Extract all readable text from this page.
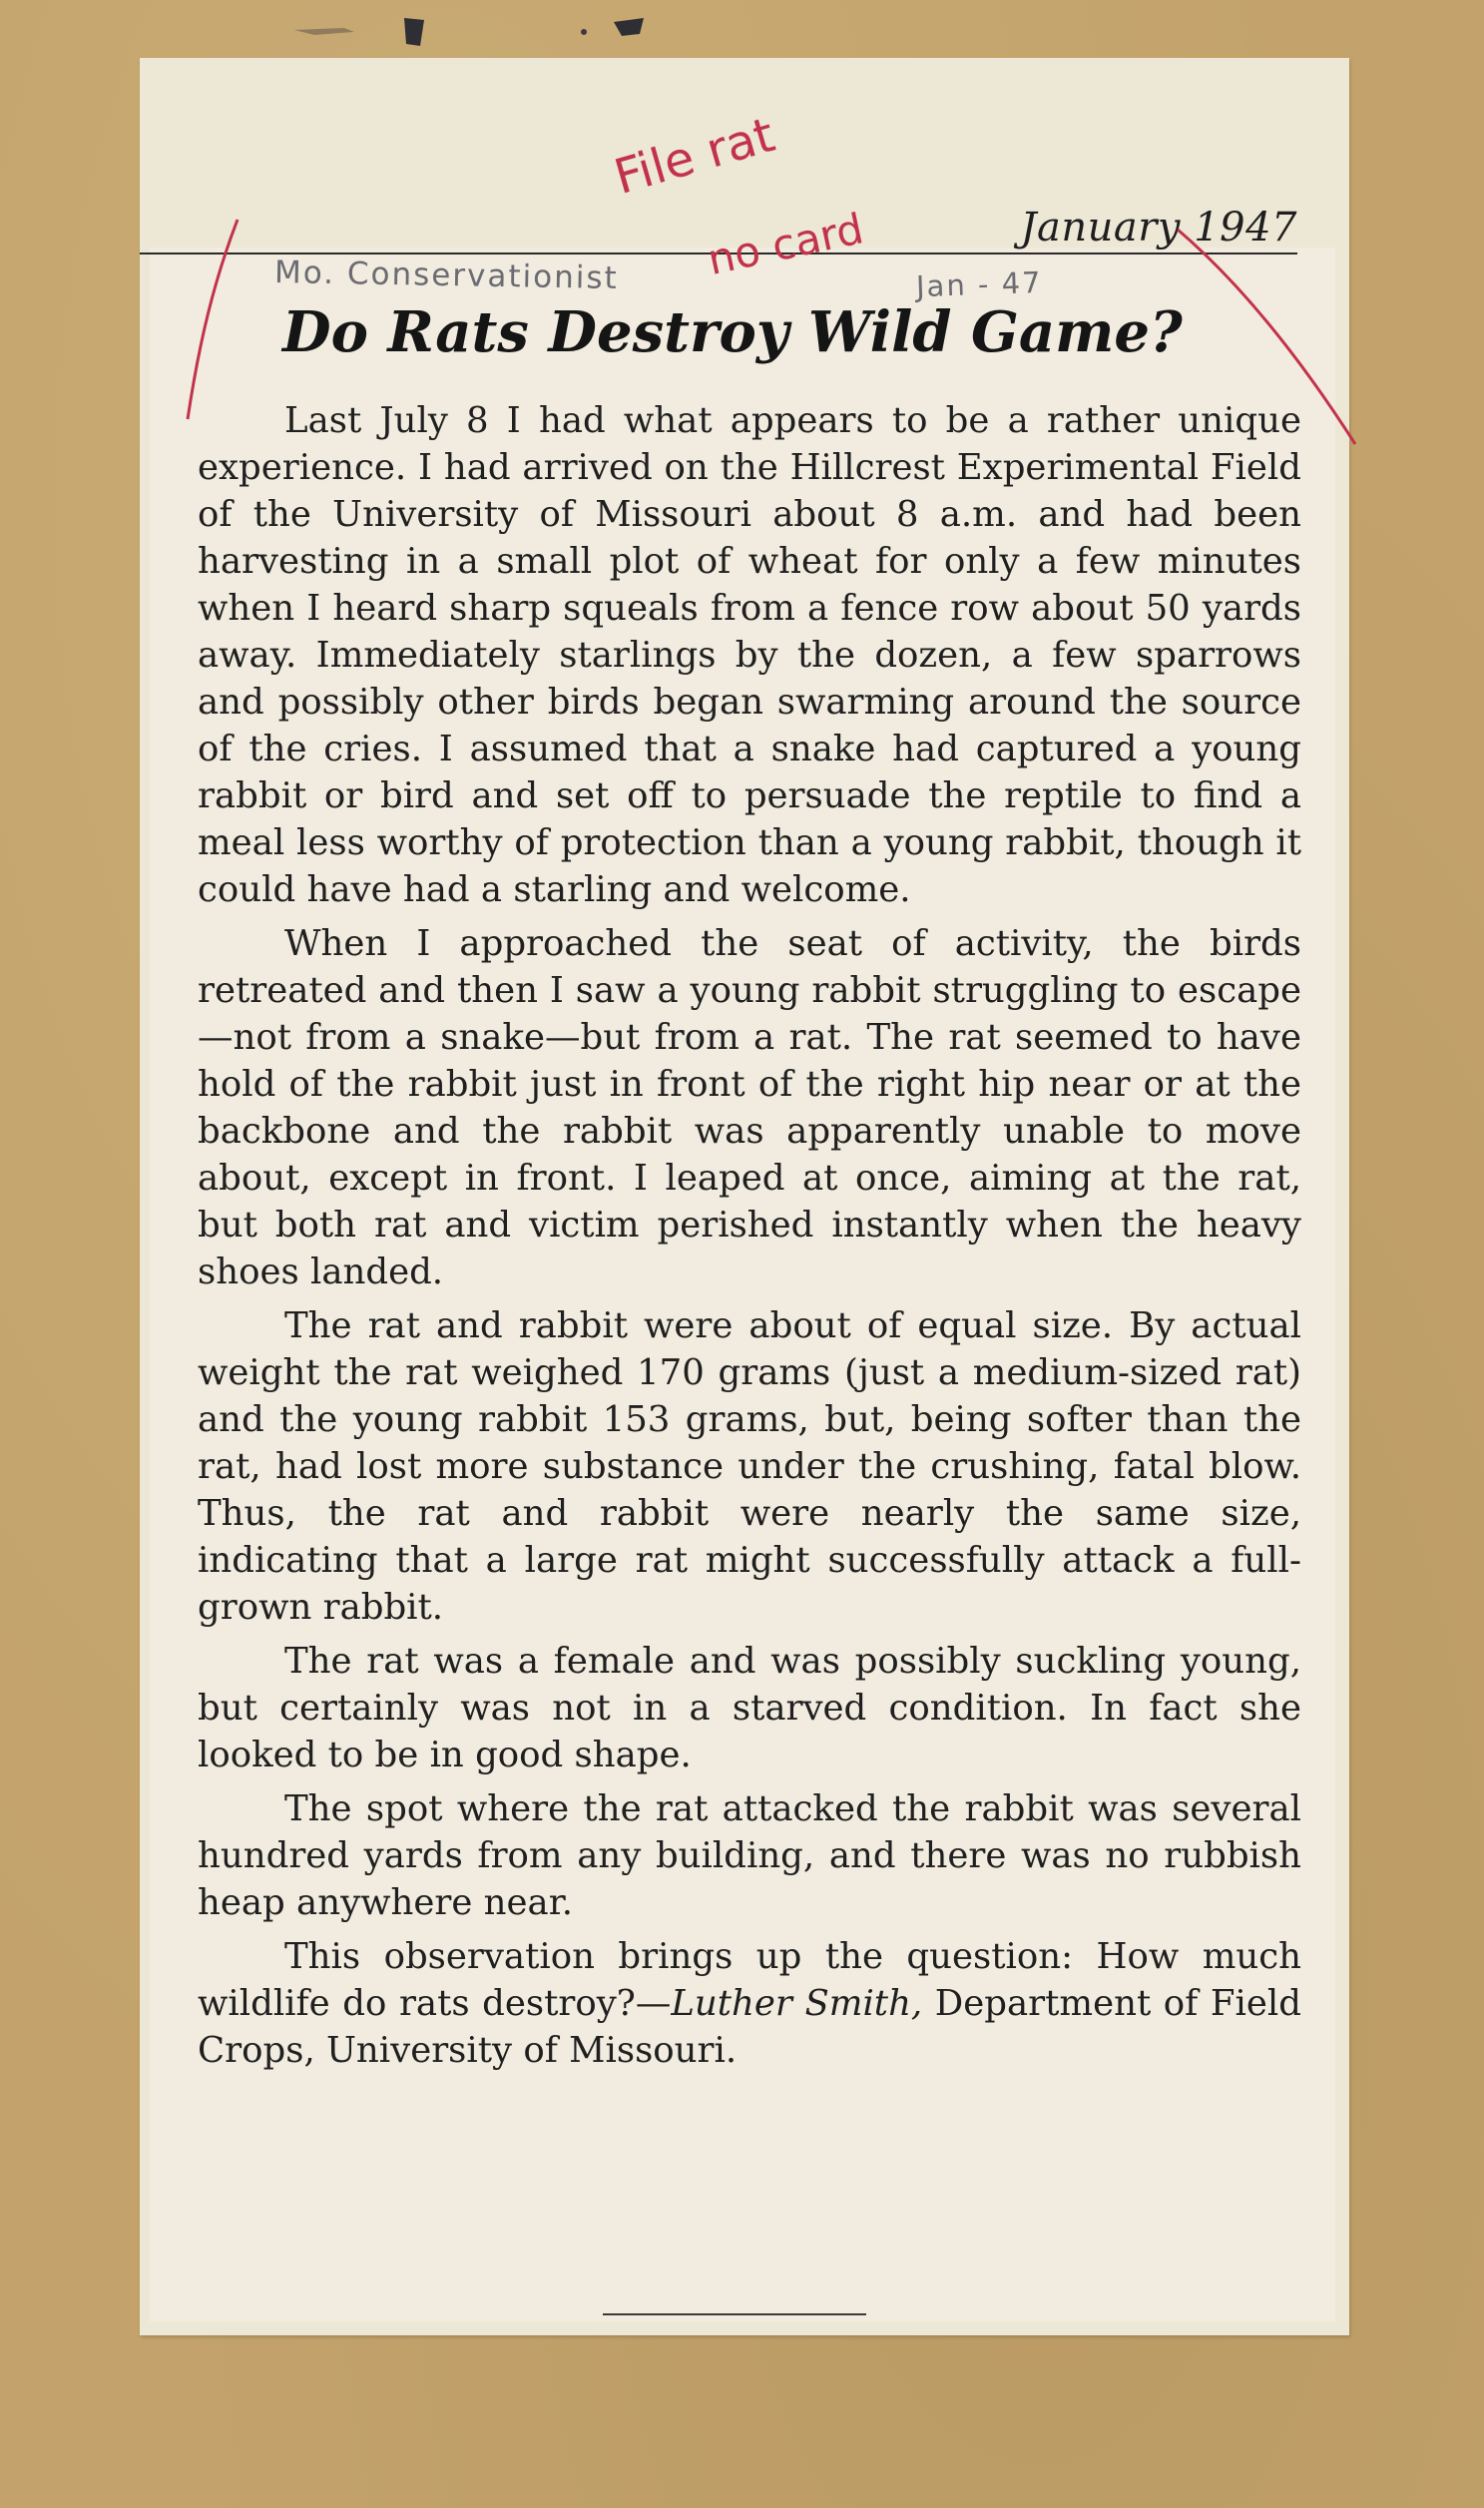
January 1947
Do Rats Destroy Wild Game?

Last July 8 I had what appears to be a rather unique experience. I had arrived on the Hillcrest Experimental Field of the University of Missouri about 8 a.m. and had been harvesting in a small plot of wheat for only a few minutes when I heard sharp squeals from a fence row about 50 yards away. Immediately starlings by the dozen, a few sparrows and possibly other birds began swarming around the source of the cries. I assumed that a snake had captured a young rabbit or bird and set off to persuade the reptile to find a meal less worthy of protection than a young rabbit, though it could have had a starling and welcome.

When I approached the seat of activity, the birds retreated and then I saw a young rabbit struggling to escape—not from a snake—but from a rat. The rat seemed to have hold of the rabbit just in front of the right hip near or at the backbone and the rabbit was apparently unable to move about, except in front. I leaped at once, aiming at the rat, but both rat and victim perished instantly when the heavy shoes landed.

The rat and rabbit were about of equal size. By actual weight the rat weighed 170 grams (just a medium-sized rat) and the young rabbit 153 grams, but, being softer than the rat, had lost more substance under the crushing, fatal blow. Thus, the rat and rabbit were nearly the same size, indicating that a large rat might successfully attack a full-grown rabbit.

The rat was a female and was possibly suckling young, but certainly was not in a starved condition. In fact she looked to be in good shape.

The spot where the rat attacked the rabbit was several hundred yards from any building, and there was no rubbish heap anywhere near.

This observation brings up the question: How much wildlife do rats destroy?—Luther Smith, Department of Field Crops, University of Missouri.

Mo. Conservationist	Jan - 47
File rat
no card
